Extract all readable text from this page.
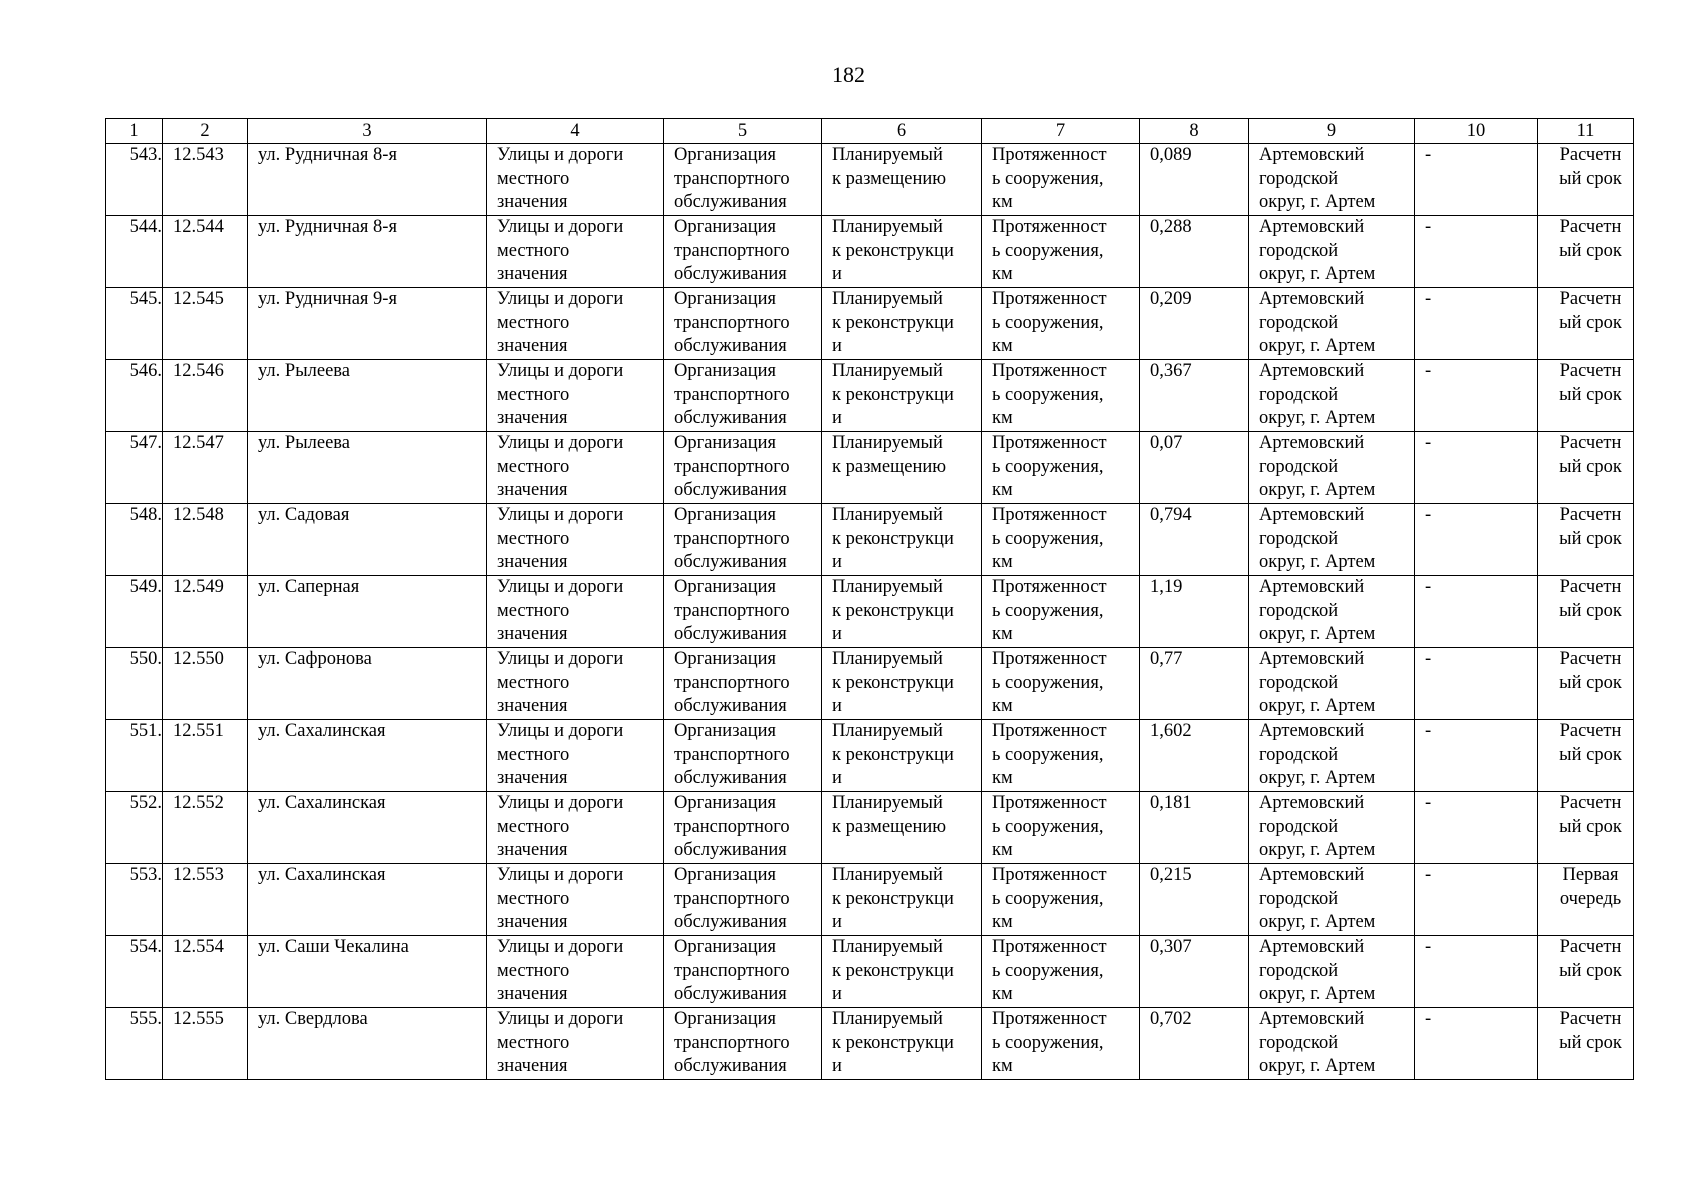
182
1	2	3	4	5	6	7	8	9	10	11
543.	12.543	ул. Рудничная 8-я	Улицы и дороги
местного
значения	Организация
транспортного
обслуживания	Планируемый
к размещению	Протяженност
ь сооружения,
км	0,089	Артемовский
городской
округ, г. Артем	-	Расчетн
ый срок
544.	12.544	ул. Рудничная 8-я	Улицы и дороги
местного
значения	Организация
транспортного
обслуживания	Планируемый
к реконструкци
и	Протяженност
ь сооружения,
км	0,288	Артемовский
городской
округ, г. Артем	-	Расчетн
ый срок
545.	12.545	ул. Рудничная 9-я	Улицы и дороги
местного
значения	Организация
транспортного
обслуживания	Планируемый
к реконструкци
и	Протяженност
ь сооружения,
км	0,209	Артемовский
городской
округ, г. Артем	-	Расчетн
ый срок
546.	12.546	ул. Рылеева	Улицы и дороги
местного
значения	Организация
транспортного
обслуживания	Планируемый
к реконструкци
и	Протяженност
ь сооружения,
км	0,367	Артемовский
городской
округ, г. Артем	-	Расчетн
ый срок
547.	12.547	ул. Рылеева	Улицы и дороги
местного
значения	Организация
транспортного
обслуживания	Планируемый
к размещению	Протяженност
ь сооружения,
км	0,07	Артемовский
городской
округ, г. Артем	-	Расчетн
ый срок
548.	12.548	ул. Садовая	Улицы и дороги
местного
значения	Организация
транспортного
обслуживания	Планируемый
к реконструкци
и	Протяженност
ь сооружения,
км	0,794	Артемовский
городской
округ, г. Артем	-	Расчетн
ый срок
549.	12.549	ул. Саперная	Улицы и дороги
местного
значения	Организация
транспортного
обслуживания	Планируемый
к реконструкци
и	Протяженност
ь сооружения,
км	1,19	Артемовский
городской
округ, г. Артем	-	Расчетн
ый срок
550.	12.550	ул. Сафронова	Улицы и дороги
местного
значения	Организация
транспортного
обслуживания	Планируемый
к реконструкци
и	Протяженност
ь сооружения,
км	0,77	Артемовский
городской
округ, г. Артем	-	Расчетн
ый срок
551.	12.551	ул. Сахалинская	Улицы и дороги
местного
значения	Организация
транспортного
обслуживания	Планируемый
к реконструкци
и	Протяженност
ь сооружения,
км	1,602	Артемовский
городской
округ, г. Артем	-	Расчетн
ый срок
552.	12.552	ул. Сахалинская	Улицы и дороги
местного
значения	Организация
транспортного
обслуживания	Планируемый
к размещению	Протяженност
ь сооружения,
км	0,181	Артемовский
городской
округ, г. Артем	-	Расчетн
ый срок
553.	12.553	ул. Сахалинская	Улицы и дороги
местного
значения	Организация
транспортного
обслуживания	Планируемый
к реконструкци
и	Протяженност
ь сооружения,
км	0,215	Артемовский
городской
округ, г. Артем	-	Первая
очередь
554.	12.554	ул. Саши Чекалина	Улицы и дороги
местного
значения	Организация
транспортного
обслуживания	Планируемый
к реконструкци
и	Протяженност
ь сооружения,
км	0,307	Артемовский
городской
округ, г. Артем	-	Расчетн
ый срок
555.	12.555	ул. Свердлова	Улицы и дороги
местного
значения	Организация
транспортного
обслуживания	Планируемый
к реконструкци
и	Протяженност
ь сооружения,
км	0,702	Артемовский
городской
округ, г. Артем	-	Расчетн
ый срок
